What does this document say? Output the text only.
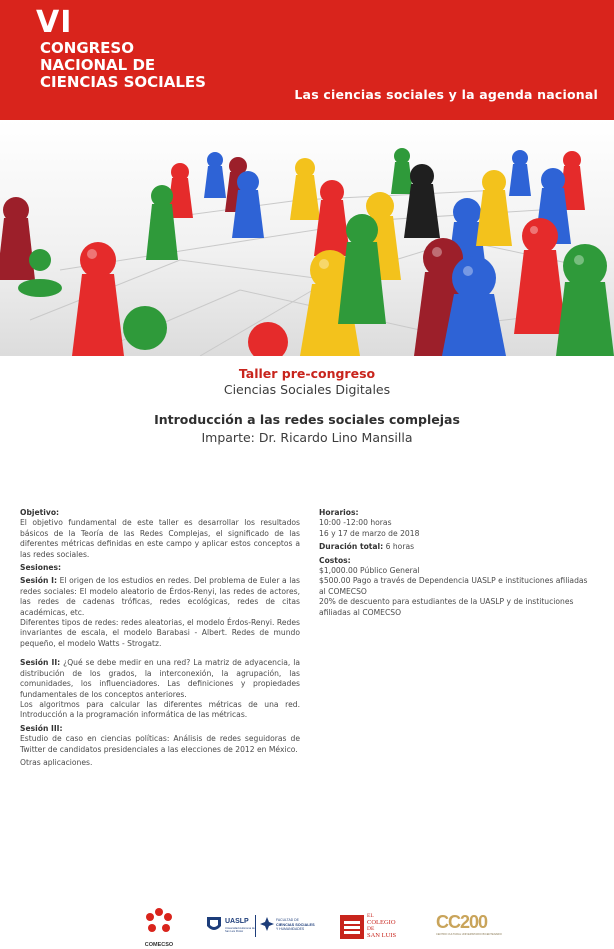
VI
CONGRESO
NACIONAL DE
CIENCIAS SOCIALES
Las ciencias sociales y la agenda nacional
Taller pre-congreso
Ciencias Sociales Digitales
Introducción a las redes sociales complejas
Imparte: Dr. Ricardo Lino Mansilla
Objetivo:
El objetivo fundamental de este taller es desarrollar los resultados básicos de la Teoría de las Redes Complejas, el significado de las diferentes métricas definidas en este campo y aplicar estos conceptos a las redes sociales.
Sesiones:
Sesión I: El origen de los estudios en redes. Del problema de Euler a las redes sociales: El modelo aleatorio de Érdos-Renyi, las redes de actores, las redes de cadenas tróficas, redes ecológicas, redes de citas académicas, etc.
Diferentes tipos de redes: redes aleatorias, el modelo Érdos-Renyi. Redes invariantes de escala, el modelo Barabasi - Albert. Redes de mundo pequeño, el modelo Watts - Strogatz.
Sesión II: ¿Qué se debe medir en una red? La matriz de adyacencia, la distribución de los grados, la interconexión, la agrupación, las comunidades, los influenciadores. Las definiciones y propiedades fundamentales de los conceptos anteriores.
Los algoritmos para calcular las diferentes métricas de una red. Introducción a la programación informática de las métricas.
Sesión III:
Estudio de caso en ciencias políticas: Análisis de redes seguidoras de Twitter de candidatos presidenciales a las elecciones de 2012 en México.
Otras aplicaciones.
Horarios:
10:00 -12:00 horas
16 y 17 de marzo de 2018
Duración total: 6 horas
Costos:
$1,000.00 Público General
$500.00 Pago a través de Dependencia UASLP e instituciones afiliadas al COMECSO
20% de descuento para estudiantes de la UASLP y de instituciones afiliadas al COMECSO
COMECSO
UASLP
Universidad Autónoma de San Luis Potosí
FACULTAD DE
CIENCIAS SOCIALES
Y HUMANIDADES
EL
COLEGIO
DE
SAN LUIS
CC200
CENTRO CULTURAL UNIVERSITARIO BICENTENARIO
